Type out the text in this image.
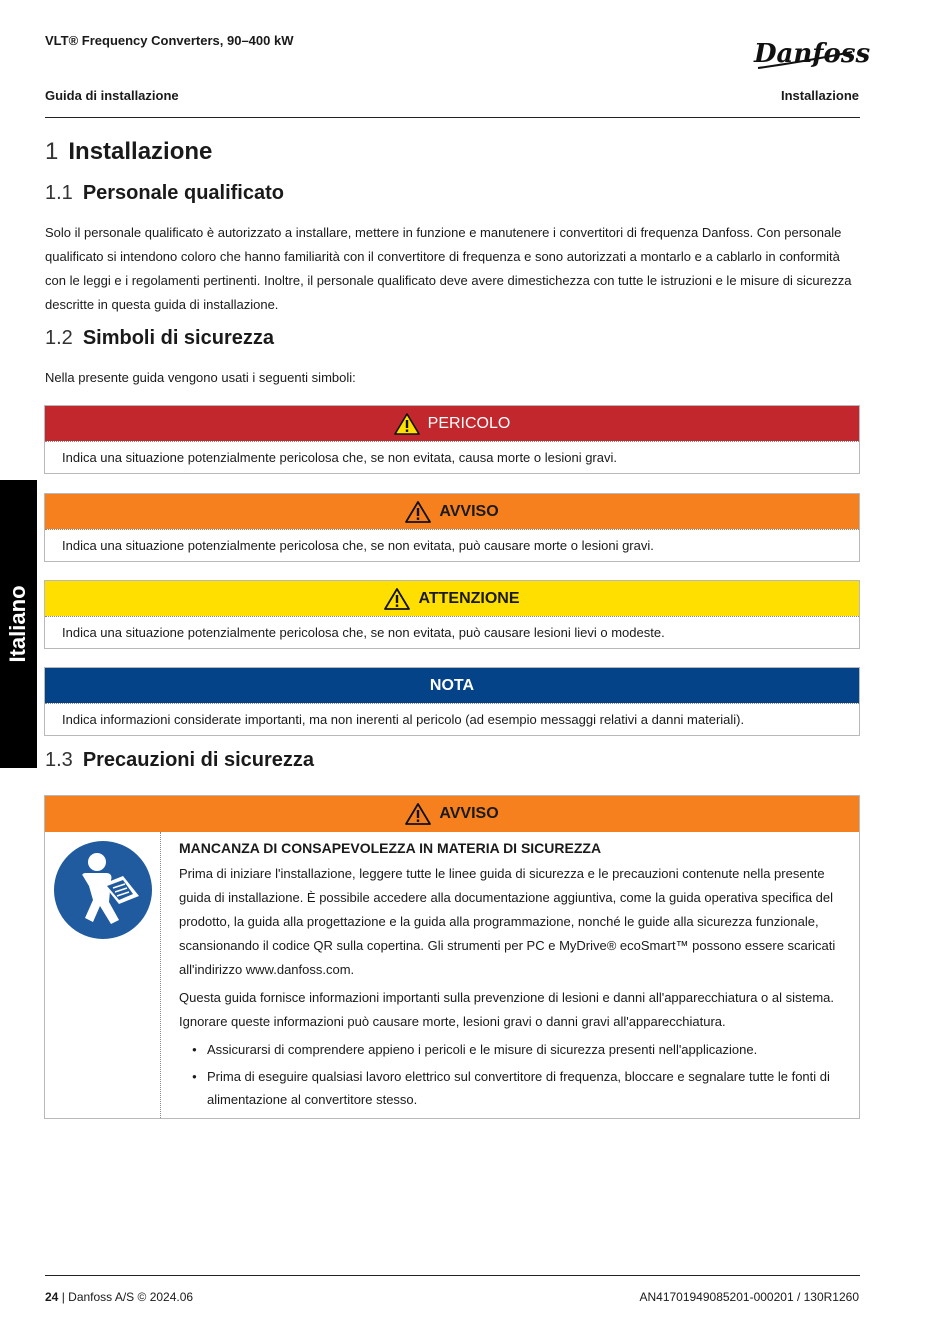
VLT® Frequency Converters, 90–400 kW	Danfoss
Guida di installazione	Installazione
Italiano
1 Installazione
1.1 Personale qualificato
Solo il personale qualificato è autorizzato a installare, mettere in funzione e manutenere i convertitori di frequenza Danfoss. Con personale qualificato si intendono coloro che hanno familiarità con il convertitore di frequenza e sono autorizzati a montarlo e a cablarlo in conformità con le leggi e i regolamenti pertinenti. Inoltre, il personale qualificato deve avere dimestichezza con tutte le istruzioni e le misure di sicurezza descritte in questa guida di installazione.
1.2 Simboli di sicurezza
Nella presente guida vengono usati i seguenti simboli:
PERICOLO
Indica una situazione potenzialmente pericolosa che, se non evitata, causa morte o lesioni gravi.
AVVISO
Indica una situazione potenzialmente pericolosa che, se non evitata, può causare morte o lesioni gravi.
ATTENZIONE
Indica una situazione potenzialmente pericolosa che, se non evitata, può causare lesioni lievi o modeste.
NOTA
Indica informazioni considerate importanti, ma non inerenti al pericolo (ad esempio messaggi relativi a danni materiali).
1.3 Precauzioni di sicurezza
AVVISO
MANCANZA DI CONSAPEVOLEZZA IN MATERIA DI SICUREZZA

Prima di iniziare l'installazione, leggere tutte le linee guida di sicurezza e le precauzioni contenute nella presente guida di installazione. È possibile accedere alla documentazione aggiuntiva, come la guida operativa specifica del prodotto, la guida alla progettazione e la guida alla programmazione, nonché le guide alla sicurezza funzionale, scansionando il codice QR sulla copertina. Gli strumenti per PC e MyDrive® ecoSmart™ possono essere scaricati all'indirizzo www.danfoss.com.

Questa guida fornisce informazioni importanti sulla prevenzione di lesioni e danni all'apparecchiatura o al sistema. Ignorare queste informazioni può causare morte, lesioni gravi o danni gravi all'apparecchiatura.

● Assicurarsi di comprendere appieno i pericoli e le misure di sicurezza presenti nell'applicazione.
● Prima di eseguire qualsiasi lavoro elettrico sul convertitore di frequenza, bloccare e segnalare tutte le fonti di alimentazione al convertitore stesso.
24 | Danfoss A/S © 2024.06	AN41701949085201-000201 / 130R1260
